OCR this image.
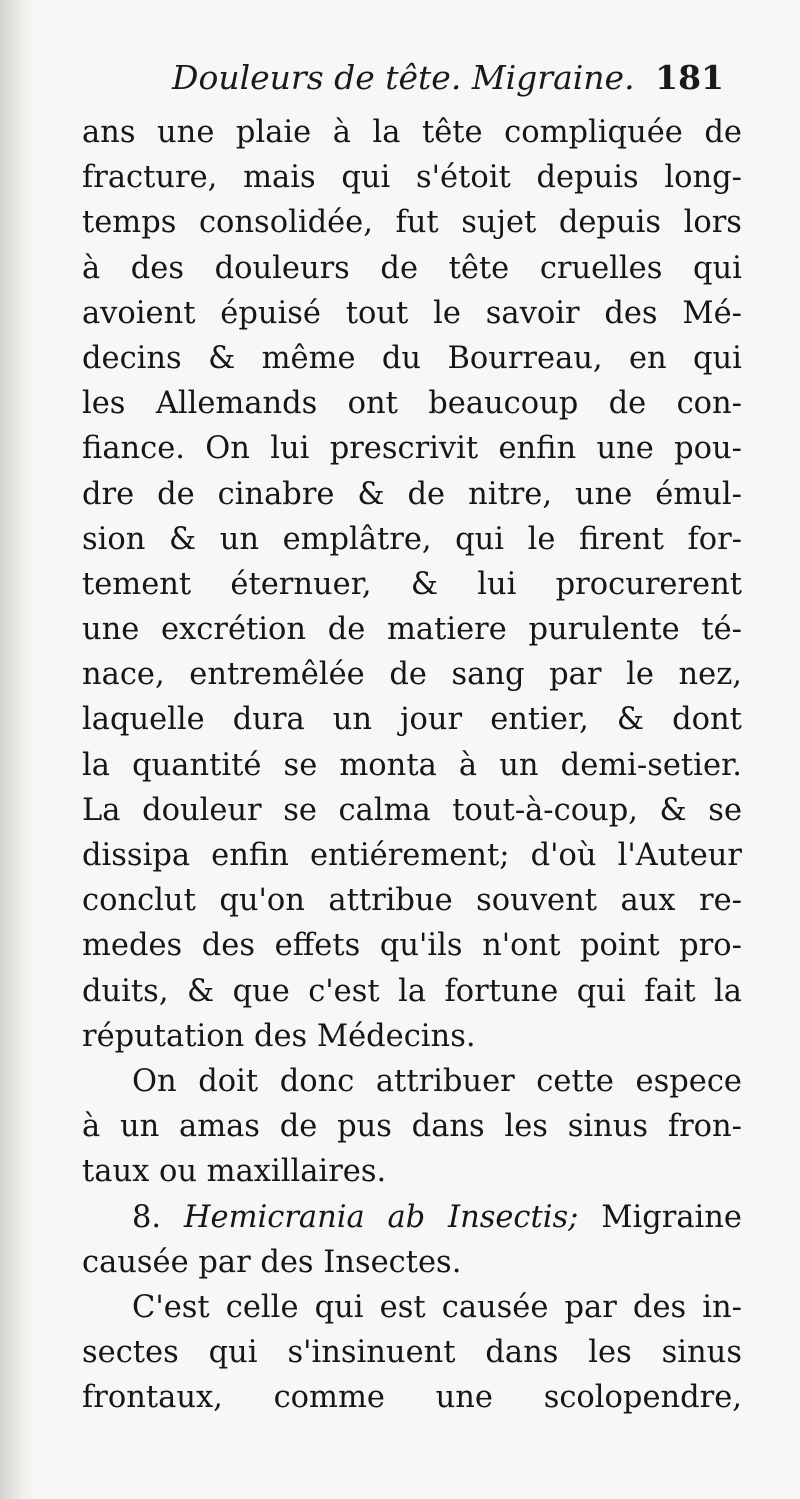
Douleurs de tête. Migraine. 181
ans une plaie à la tête compliquée de
fracture, mais qui s'étoit depuis long-
temps consolidée, fut sujet depuis lors
à des douleurs de tête cruelles qui
avoient épuisé tout le savoir des Mé-
decins & même du Bourreau, en qui
les Allemands ont beaucoup de con-
fiance. On lui prescrivit enfin une pou-
dre de cinabre & de nitre, une émul-
sion & un emplâtre, qui le firent for-
tement éternuer, & lui procurerent
une excrétion de matiere purulente té-
nace, entremêlée de sang par le nez,
laquelle dura un jour entier, & dont
la quantité se monta à un demi-setier.
La douleur se calma tout-à-coup, & se
dissipa enfin entiérement; d'où l'Auteur
conclut qu'on attribue souvent aux re-
medes des effets qu'ils n'ont point pro-
duits, & que c'est la fortune qui fait la
réputation des Médecins.
On doit donc attribuer cette espece
à un amas de pus dans les sinus fron-
taux ou maxillaires.
8. Hemicrania ab Insectis; Migraine
causée par des Insectes.
C'est celle qui est causée par des in-
sectes qui s'insinuent dans les sinus
frontaux, comme une scolopendre,
